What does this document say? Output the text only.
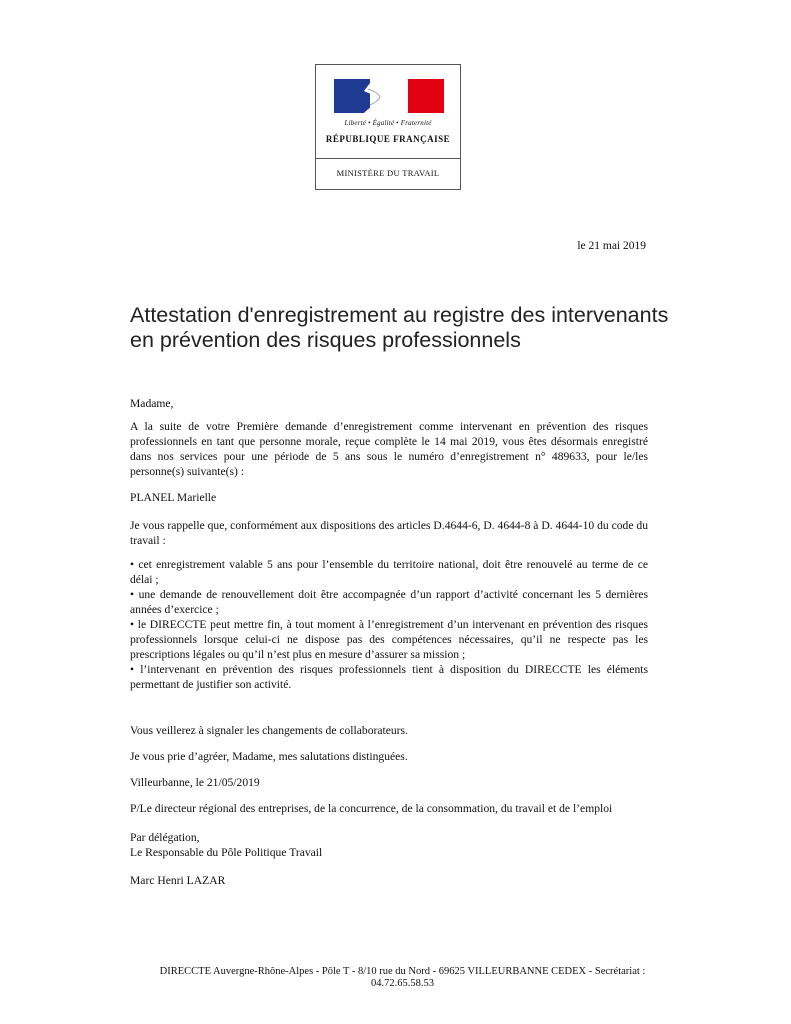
Liberté • Égalité • Fraternité
RÉPUBLIQUE FRANÇAISE
MINISTÈRE DU TRAVAIL
le 21 mai 2019
Attestation d'enregistrement au registre des intervenants
en prévention des risques professionnels
Madame,
A la suite de votre Première demande d’enregistrement comme intervenant en prévention des risques professionnels en tant que personne morale, reçue complète le 14 mai 2019, vous êtes désormais enregistré dans nos services pour une période de 5 ans sous le numéro d’enregistrement n° 489633, pour le/les personne(s) suivante(s) :
PLANEL Marielle
Je vous rappelle que, conformément aux dispositions des articles D.4644-6, D. 4644-8 à D. 4644-10 du code du travail :
• cet enregistrement valable 5 ans pour l’ensemble du territoire national, doit être renouvelé au terme de ce délai ;
• une demande de renouvellement doit être accompagnée d’un rapport d’activité concernant les 5 dernières années d’exercice ;
• le DIRECCTE peut mettre fin, à tout moment à l’enregistrement d’un intervenant en prévention des risques professionnels lorsque celui-ci ne dispose pas des compétences nécessaires, qu’il ne respecte pas les prescriptions légales ou qu’il n’est plus en mesure d’assurer sa mission ;
• l’intervenant en prévention des risques professionnels tient à disposition du DIRECCTE les éléments permettant de justifier son activité.
Vous veillerez à signaler les changements de collaborateurs.
Je vous prie d’agréer, Madame, mes salutations distinguées.
Villeurbanne, le 21/05/2019
P/Le directeur régional des entreprises, de la concurrence, de la consommation, du travail et de l’emploi
Par délégation,
Le Responsable du Pôle Politique Travail
Marc Henri LAZAR
DIRECCTE Auvergne-Rhône-Alpes - Pôle T - 8/10 rue du Nord - 69625 VILLEURBANNE CEDEX - Secrétariat :
04.72.65.58.53
